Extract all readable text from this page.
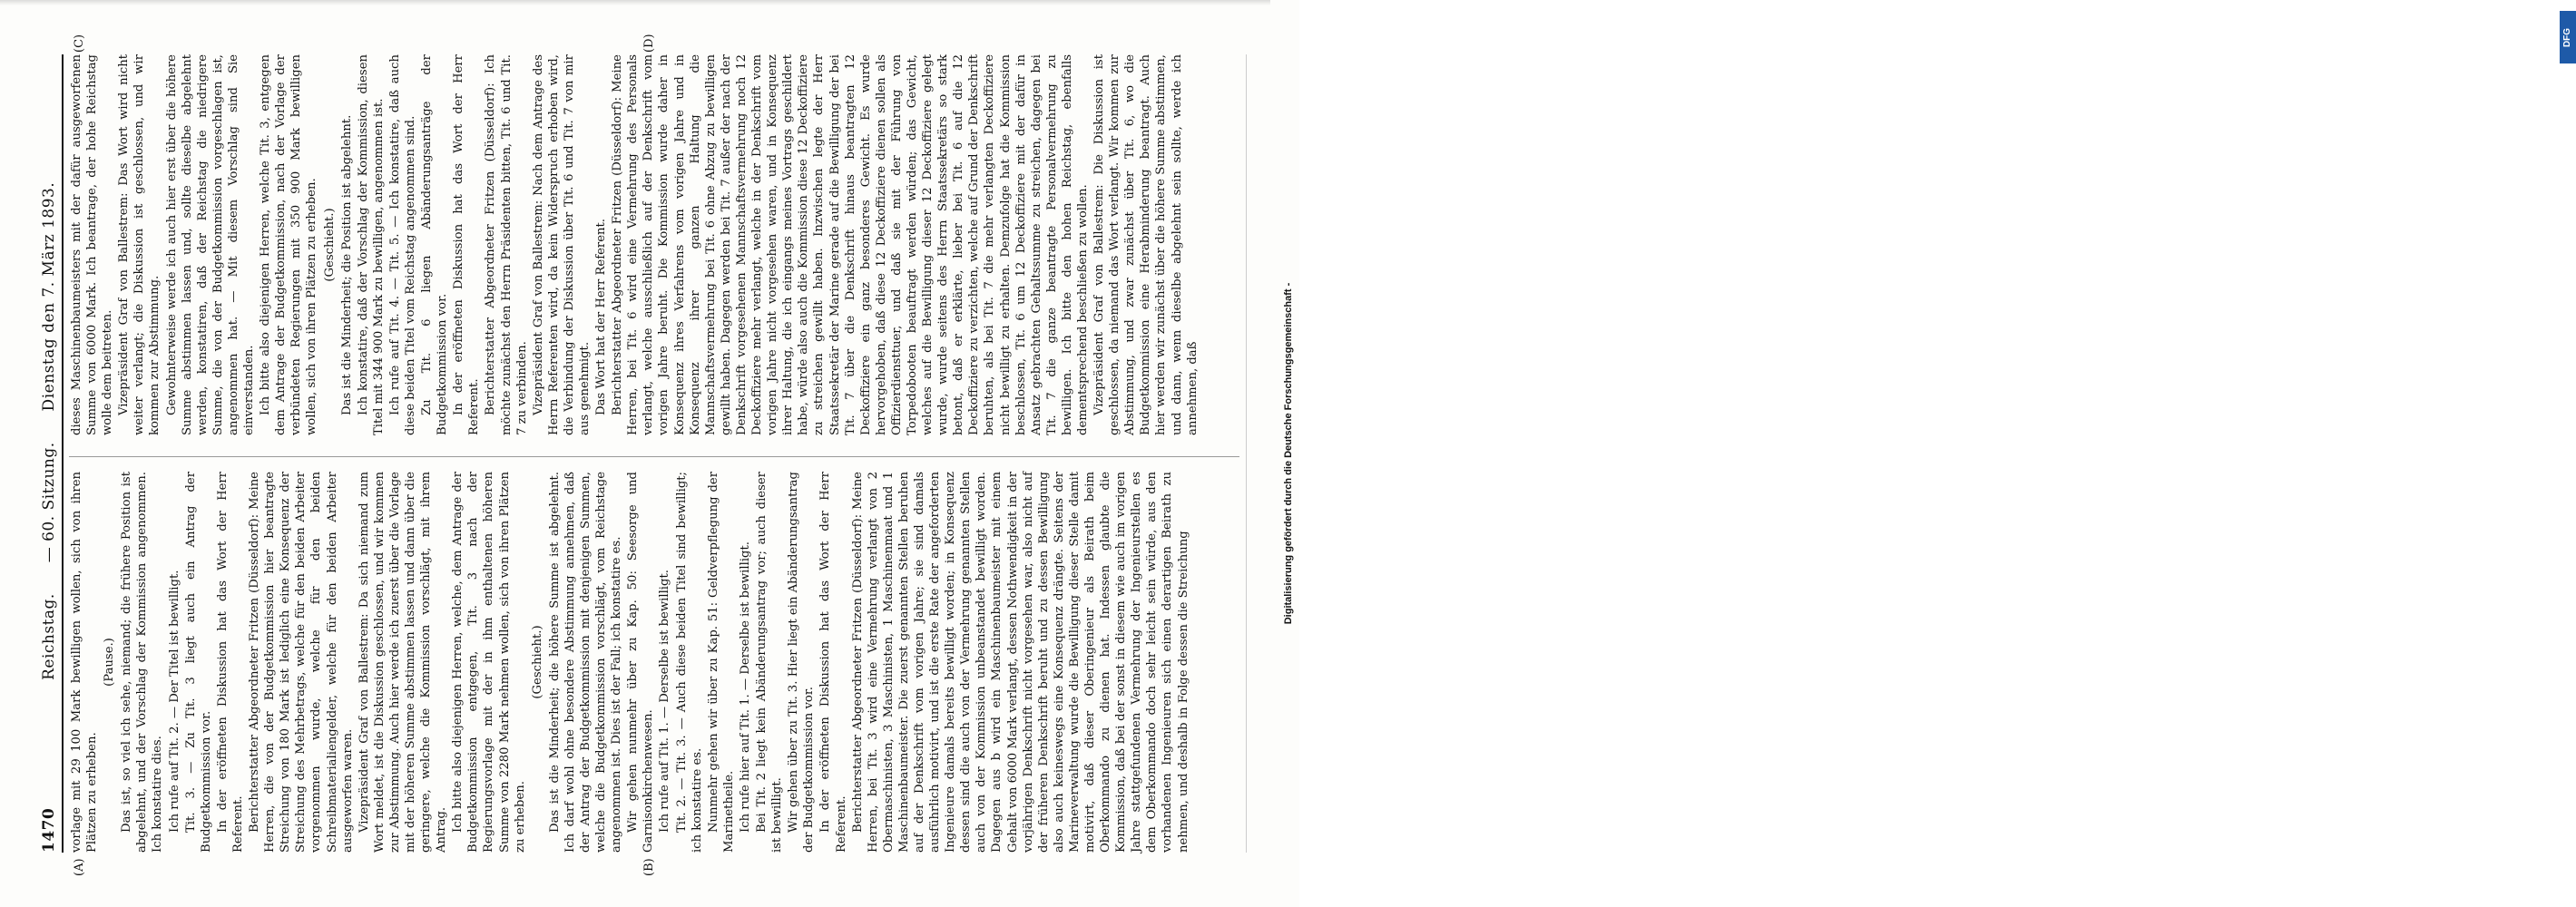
1470
Reichstag. — 60. Sitzung. Dienstag den 7. März 1893.
(A)	(B)
(C)	(D)

vorlage mit 29 100 Mark bewilligen wollen, sich von ihren Plätzen zu erheben.

(Pause.) Das ist, so viel ich sehe, niemand; die frühere Position ist abgelehnt, und der Vorschlag der Kommission angenommen. Ich konstatire dies. Ich rufe auf Tit. 2. — Der Titel ist bewilligt. Tit. 3. — Zu Tit. 3 liegt auch ein Antrag der Budgetkommission vor. In der eröffneten Diskussion hat das Wort der Herr Referent. Berichterstatter Abgeordneter Fritzen (Düsseldorf): Meine Herren, die von der Budgetkommission hier beantragte Streichung von 180 Mark ist lediglich eine Konsequenz der Streichung des Mehrbetrags, welche für den beiden Arbeiter vorgenommen wurde, welche für den beiden Schreibmaterialiengelder, welche für den beiden Arbeiter ausgeworfen waren. Vizepräsident Graf von Ballestrem: Da sich niemand zum Wort meldet, ist die Diskussion geschlossen, und wir kommen zur Abstimmung. Auch hier werde ich zuerst über die Vorlage mit der höheren Summe abstimmen lassen und dann über die geringere, welche die Kommission vorschlägt, mit ihrem Antrag. Ich bitte also diejenigen Herren, welche, dem Antrage der Budgetkommission entgegen, Tit. 3 nach der Regierungsvorlage mit der in ihm enthaltenen höheren Summe von 2280 Mark nehmen wollen, sich von ihren Plätzen zu erheben.

(Geschieht.) Das ist die Minderheit; die höhere Summe ist abgelehnt. Ich darf wohl ohne besondere Abstimmung annehmen, daß der Antrag der Budgetkommission mit denjenigen Summen, welche die Budgetkommission vorschlägt, vom Reichstage angenommen ist. Dies ist der Fall; ich konstatire es. Wir gehen nunmehr über zu Kap. 50: Seesorge und Garnisonkirchenwesen. Ich rufe auf Tit. 1. — Derselbe ist bewilligt. Tit. 2. — Tit. 3. — Auch diese beiden Titel sind bewilligt; ich konstatire es. Nunmehr gehen wir über zu Kap. 51: Geldverpflegung der Marinetheile. Ich rufe hier auf Tit. 1. — Derselbe ist bewilligt. Bei Tit. 2 liegt kein Abänderungsantrag vor; auch dieser ist bewilligt. Wir gehen über zu Tit. 3. Hier liegt ein Abänderungsantrag der Budgetkommission vor. In der eröffneten Diskussion hat das Wort der Herr Referent. Berichterstatter Abgeordneter Fritzen (Düsseldorf): Meine Herren, bei Tit. 3 wird eine Vermehrung verlangt von 2 Obermaschinisten, 3 Maschinisten, 1 Maschinenmaat und 1 Maschinenbaumeister. Die zuerst genannten Stellen beruhen auf der Denkschrift vom vorigen Jahre; sie sind damals ausführlich motivirt, und ist die erste Rate der angeforderten Ingenieure damals bereits bewilligt worden; in Konsequenz dessen sind die auch von der Vermehrung genannten Stellen auch von der Kommission unbeanstandet bewilligt worden. Dagegen aus b wird ein Maschinenbaumeister mit einem Gehalt von 6000 Mark verlangt, dessen Nothwendigkeit in der vorjährigen Denkschrift nicht vorgesehen war, also nicht auf der früheren Denkschrift beruht und zu dessen Bewilligung also auch keineswegs eine Konsequenz drängte. Seitens der Marineverwaltung wurde die Bewilligung dieser Stelle damit motivirt, daß dieser Oberingenieur als Beirath beim Oberkommando zu dienen hat. Indessen glaubte die Kommission, daß bei der sonst in diesem wie auch im vorigen Jahre stattgefundenen Vermehrung der Ingenieurstellen es dem Oberkommando doch sehr leicht sein würde, aus den vorhandenen Ingenieuren sich einen derartigen Beirath zu nehmen, und deshalb in Folge dessen die Streichung

dieses Maschinenbaumeisters mit der dafür ausgeworfenen Summe von 6000 Mark. Ich beantrage, der hohe Reichstag wolle dem beitreten. Vizepräsident Graf von Ballestrem: Das Wort wird nicht weiter verlangt; die Diskussion ist geschlossen, und wir kommen zur Abstimmung. Gewohnterweise werde ich auch hier erst über die höhere Summe abstimmen lassen und, sollte dieselbe abgelehnt werden, konstatiren, daß der Reichstag die niedrigere Summe, die von der Budgetkommission vorgeschlagen ist, angenommen hat. — Mit diesem Vorschlag sind Sie einverstanden. Ich bitte also diejenigen Herren, welche Tit. 3, entgegen dem Antrage der Budgetkommission, nach der Vorlage der verbündeten Regierungen mit 350 900 Mark bewilligen wollen, sich von ihren Plätzen zu erheben. (Geschieht.) Das ist die Minderheit; die Position ist abgelehnt. Ich konstatire, daß der Vorschlag der Kommission, diesen Titel mit 344 900 Mark zu bewilligen, angenommen ist. Ich rufe auf Tit. 4. — Tit. 5. — Ich konstatire, daß auch diese beiden Titel vom Reichstag angenommen sind. Zu Tit. 6 liegen Abänderungsanträge der Budgetkommission vor. In der eröffneten Diskussion hat das Wort der Herr Referent. Berichterstatter Abgeordneter Fritzen (Düsseldorf): Ich möchte zunächst den Herrn Präsidenten bitten, Tit. 6 und Tit. 7 zu verbinden. Vizepräsident Graf von Ballestrem: Nach dem Antrage des Herrn Referenten wird, da kein Widerspruch erhoben wird, die Verbindung der Diskussion über Tit. 6 und Tit. 7 von mir aus genehmigt. Das Wort hat der Herr Referent. Berichterstatter Abgeordneter Fritzen (Düsseldorf): Meine Herren, bei Tit. 6 wird eine Vermehrung des Personals verlangt, welche ausschließlich auf der Denkschrift vom vorigen Jahre beruht. Die Kommission wurde daher in Konsequenz ihres Verfahrens vom vorigen Jahre und in Konsequenz ihrer ganzen Haltung die Mannschaftsvermehrung bei Tit. 6 ohne Abzug zu bewilligen gewillt haben. Dagegen werden bei Tit. 7 außer der nach der Denkschrift vorgesehenen Mannschaftsvermehrung noch 12 Deckoffiziere mehr verlangt, welche in der Denkschrift vom vorigen Jahre nicht vorgesehen waren, und in Konsequenz ihrer Haltung, die ich eingangs meines Vortrags geschildert habe, würde also auch die Kommission diese 12 Deckoffiziere zu streichen gewillt haben. Inzwischen legte der Herr Staatssekretär der Marine gerade auf die Bewilligung der bei Tit. 7 über die Denkschrift hinaus beantragten 12 Deckoffiziere ein ganz besonderes Gewicht. Es wurde hervorgehoben, daß diese 12 Deckoffiziere dienen sollen als Offizierdiensttuer, und daß sie mit der Führung von Torpedobooten beauftragt werden würden; das Gewicht, welches auf die Bewilligung dieser 12 Deckoffiziere gelegt wurde, wurde seitens des Herrn Staatssekretärs so stark betont, daß er erklärte, lieber bei Tit. 6 auf die 12 Deckoffiziere zu verzichten, welche auf Grund der Denkschrift beruhten, als bei Tit. 7 die mehr verlangten Deckoffiziere nicht bewilligt zu erhalten. Demzufolge hat die Kommission beschlossen, Tit. 6 um 12 Deckoffiziere mit der dafür in Ansatz gebrachten Gehaltssumme zu streichen, dagegen bei Tit. 7 die ganze beantragte Personalvermehrung zu bewilligen. Ich bitte den hohen Reichstag, ebenfalls dementsprechend beschließen zu wollen. Vizepräsident Graf von Ballestrem: Die Diskussion ist geschlossen, da niemand das Wort verlangt. Wir kommen zur Abstimmung, und zwar zunächst über Tit. 6, wo die Budgetkommission eine Herabminderung beantragt. Auch hier werden wir zunächst über die höhere Summe abstimmen, und dann, wenn dieselbe abgelehnt sein sollte, werde ich annehmen, daß

DFG
Digitalisierung gefördert durch die Deutsche Forschungsgemeinschaft -
